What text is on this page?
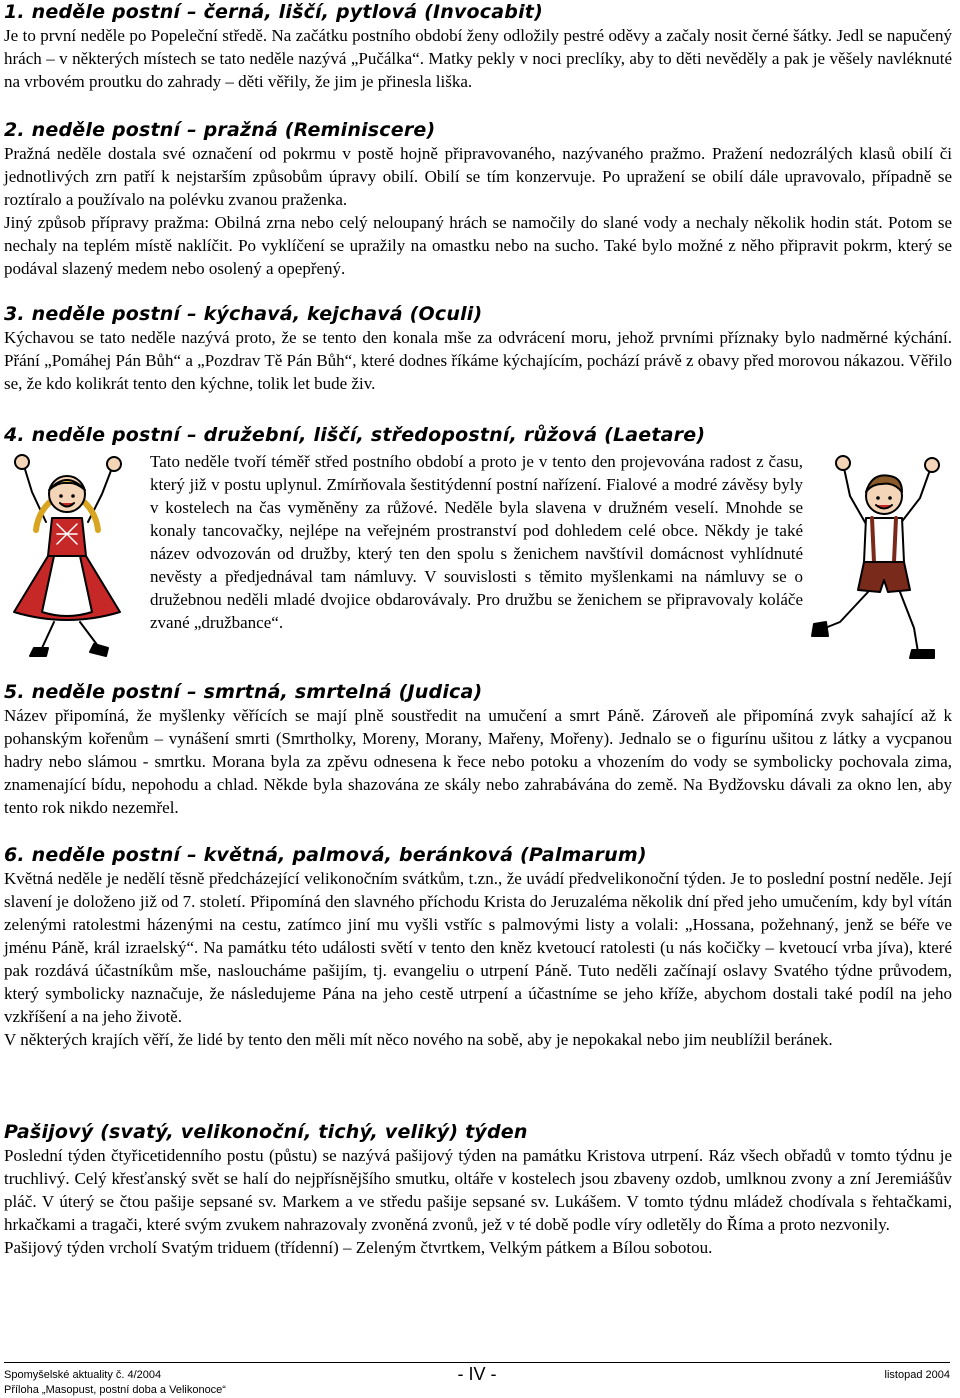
1. neděle postní – černá, liščí, pytlová (Invocabit)

Je to první neděle po Popeleční středě. Na začátku postního období ženy odložily pestré oděvy a začaly nosit černé šátky. Jedl se napučený hrách – v některých místech se tato neděle nazývá „Pučálka“. Matky pekly v noci preclíky, aby to děti nevěděly a pak je věšely navléknuté na vrbovém proutku do zahrady – děti věřily, že jim je přinesla liška.

2. neděle postní – pražná (Reminiscere)

Pražná neděle dostala své označení od pokrmu v postě hojně připravovaného, nazývaného pražmo. Pražení nedozrálých klasů obilí či jednotlivých zrn patří k nejstarším způsobům úpravy obilí. Obilí se tím konzervuje. Po upražení se obilí dále upravovalo, případně se roztíralo a používalo na polévku zvanou praženka.

Jiný způsob přípravy pražma: Obilná zrna nebo celý neloupaný hrách se namočily do slané vody a nechaly několik hodin stát. Potom se nechaly na teplém místě naklíčit. Po vyklíčení se upražily na omastku nebo na sucho. Také bylo možné z něho připravit pokrm, který se podával slazený medem nebo osolený a opepřený.

3. neděle postní – kýchavá, kejchavá (Oculi)

Kýchavou se tato neděle nazývá proto, že se tento den konala mše za odvrácení moru, jehož prvními příznaky bylo nadměrné kýchání. Přání „Pomáhej Pán Bůh“ a „Pozdrav Tě Pán Bůh“, které dodnes říkáme kýchajícím, pochází právě z obavy před morovou nákazou. Věřilo se, že kdo kolikrát tento den kýchne, tolik let bude živ.

4. neděle postní – družební, liščí, středopostní, růžová (Laetare)

Tato neděle tvoří téměř střed postního období a proto je v tento den projevována radost z času, který již v postu uplynul. Zmírňovala šestitýdenní postní nařízení. Fialové a modré závěsy byly v kostelech na čas vyměněny za růžové. Neděle byla slavena v družném veselí. Mnohde se konaly tancovačky, nejlépe na veřejném prostranství pod dohledem celé obce. Někdy je také název odvozován od družby, který ten den spolu s ženichem navštívil domácnost vyhlídnuté nevěsty a předjednával tam námluvy. V souvislosti s těmito myšlenkami na námluvy se o družebnou neděli mladé dvojice obdarovávaly. Pro družbu se ženichem se připravovaly koláče zvané „družbance“.

5. neděle postní – smrtná, smrtelná (Judica)

Název připomíná, že myšlenky věřících se mají plně soustředit na umučení a smrt Páně. Zároveň ale připomíná zvyk sahající až k pohanským kořenům – vynášení smrti (Smrtholky, Moreny, Morany, Mařeny, Mořeny). Jednalo se o figurínu ušitou z látky a vycpanou hadry nebo slámou - smrtku. Morana byla za zpěvu odnesena k řece nebo potoku a vhozením do vody se symbolicky pochovala zima, znamenající bídu, nepohodu a chlad. Někde byla shazována ze skály nebo zahrabávána do země. Na Bydžovsku dávali za okno len, aby tento rok nikdo nezemřel.

6. neděle postní – květná, palmová, beránková (Palmarum)

Květná neděle je nedělí těsně předcházející velikonočním svátkům, t.zn., že uvádí předvelikonoční týden. Je to poslední postní neděle. Její slavení je doloženo již od 7. století. Připomíná den slavného příchodu Krista do Jeruzaléma několik dní před jeho umučením, kdy byl vítán zelenými ratolestmi házenými na cestu, zatímco jiní mu vyšli vstříc s palmovými listy a volali: „Hossana, požehnaný, jenž se béře ve jménu Páně, král izraelský“. Na památku této události světí v tento den kněz kvetoucí ratolesti (u nás kočičky – kvetoucí vrba jíva), které pak rozdává účastníkům mše, nasloucháme pašijím, tj. evangeliu o utrpení Páně. Tuto neděli začínají oslavy Svatého týdne průvodem, který symbolicky naznačuje, že následujeme Pána na jeho cestě utrpení a účastníme se jeho kříže, abychom dostali také podíl na jeho vzkříšení a na jeho životě.

V některých krajích věří, že lidé by tento den měli mít něco nového na sobě, aby je nepokakal nebo jim neublížil beránek.

Pašijový (svatý, velikonoční, tichý, veliký) týden

Poslední týden čtyřicetidenního postu (půstu) se nazývá pašijový týden na památku Kristova utrpení. Ráz všech obřadů v tomto týdnu je truchlivý. Celý křesťanský svět se halí do nejpřísnějšího smutku, oltáře v kostelech jsou zbaveny ozdob, umlknou zvony a zní Jeremiášův pláč. V úterý se čtou pašije sepsané sv. Markem a ve středu pašije sepsané sv. Lukášem. V tomto týdnu mládež chodívala s řehtačkami, hrkačkami a tragači, které svým zvukem nahrazovaly zvoněná zvonů, jež v té době podle víry odletěly do Říma a proto nezvonily.

Pašijový týden vrcholí Svatým triduem (třídenní) – Zeleným čtvrtkem, Velkým pátkem a Bílou sobotou.

Spomyšelské aktuality č. 4/2004
Příloha „Masopust, postní doba a Velikonoce“
- IV -	listopad 2004
